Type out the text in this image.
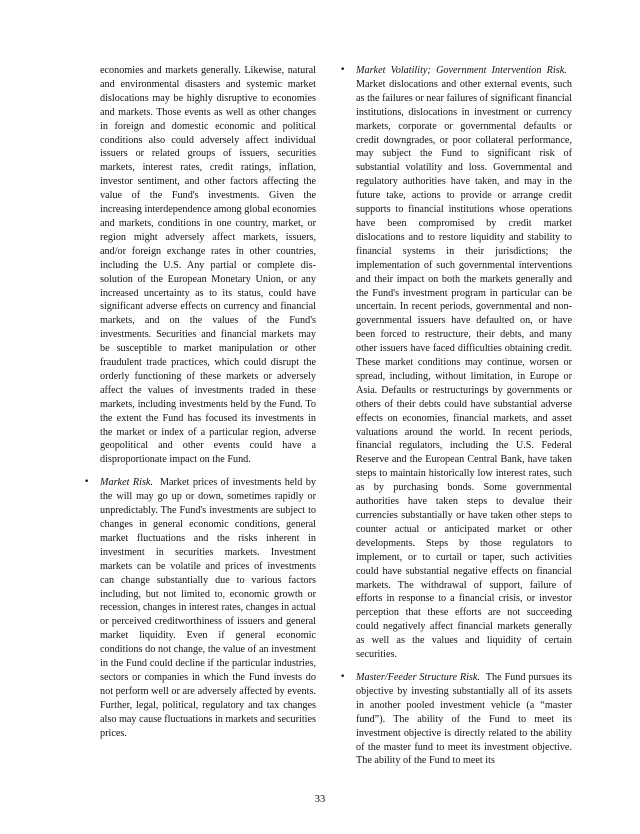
economies and markets generally. Likewise, natural and environmental disasters and systemic market dislocations may be highly disruptive to economies and markets. Those events as well as other changes in foreign and domestic economic and political conditions also could adversely affect individual issuers or related groups of issuers, securities markets, interest rates, credit ratings, inflation, investor sentiment, and other factors affecting the value of the Fund's investments. Given the increasing interdependence among global economies and markets, conditions in one country, market, or region might adversely affect markets, issuers, and/or foreign exchange rates in other countries, including the U.S. Any partial or complete dissolution of the European Monetary Union, or any increased uncertainty as to its status, could have significant adverse effects on currency and financial markets, and on the values of the Fund's investments. Securities and financial markets may be susceptible to market manipulation or other fraudulent trade practices, which could disrupt the orderly functioning of these markets or adversely affect the values of investments traded in these markets, including investments held by the Fund. To the extent the Fund has focused its investments in the market or index of a particular region, adverse geopolitical and other events could have a disproportionate impact on the Fund.

•	Market Risk.  Market prices of investments held by the will may go up or down, sometimes rapidly or unpredictably. The Fund's investments are subject to changes in general economic conditions, general market fluctuations and the risks inherent in investment in securities markets. Investment markets can be volatile and prices of investments can change substantially due to various factors including, but not limited to, economic growth or recession, changes in interest rates, changes in actual or perceived creditworthiness of issuers and general market liquidity. Even if general economic conditions do not change, the value of an investment in the Fund could decline if the particular industries, sectors or companies in which the Fund invests do not perform well or are adversely affected by events. Further, legal, political, regulatory and tax changes also may cause fluctuations in markets and securities prices.
•	Market Volatility; Government Intervention Risk.  Market dislocations and other external events, such as the failures or near failures of significant financial institutions, dislocations in investment or currency markets, corporate or governmental defaults or credit downgrades, or poor collateral performance, may subject the Fund to significant risk of substantial volatility and loss. Governmental and regulatory authorities have taken, and may in the future take, actions to provide or arrange credit supports to financial institutions whose operations have been compromised by credit market dislocations and to restore liquidity and stability to financial systems in their jurisdictions; the implementation of such governmental interventions and their impact on both the markets generally and the Fund's investment program in particular can be uncertain. In recent periods, governmental and non-governmental issuers have defaulted on, or have been forced to restructure, their debts, and many other issuers have faced difficulties obtaining credit. These market conditions may continue, worsen or spread, including, without limitation, in Europe or Asia. Defaults or restructurings by governments or others of their debts could have substantial adverse effects on economies, financial markets, and asset valuations around the world. In recent periods, financial regulators, including the U.S. Federal Reserve and the European Central Bank, have taken steps to maintain historically low interest rates, such as by purchasing bonds. Some governmental authorities have taken steps to devalue their currencies substantially or have taken other steps to counter actual or anticipated market or other developments. Steps by those regulators to implement, or to curtail or taper, such activities could have substantial negative effects on financial markets. The withdrawal of support, failure of efforts in response to a financial crisis, or investor perception that these efforts are not succeeding could negatively affect financial markets generally as well as the values and liquidity of certain securities.
•	Master/Feeder Structure Risk.  The Fund pursues its objective by investing substantially all of its assets in another pooled investment vehicle (a “master fund”). The ability of the Fund to meet its investment objective is directly related to the ability of the master fund to meet its investment objective. The ability of the Fund to meet its
33
